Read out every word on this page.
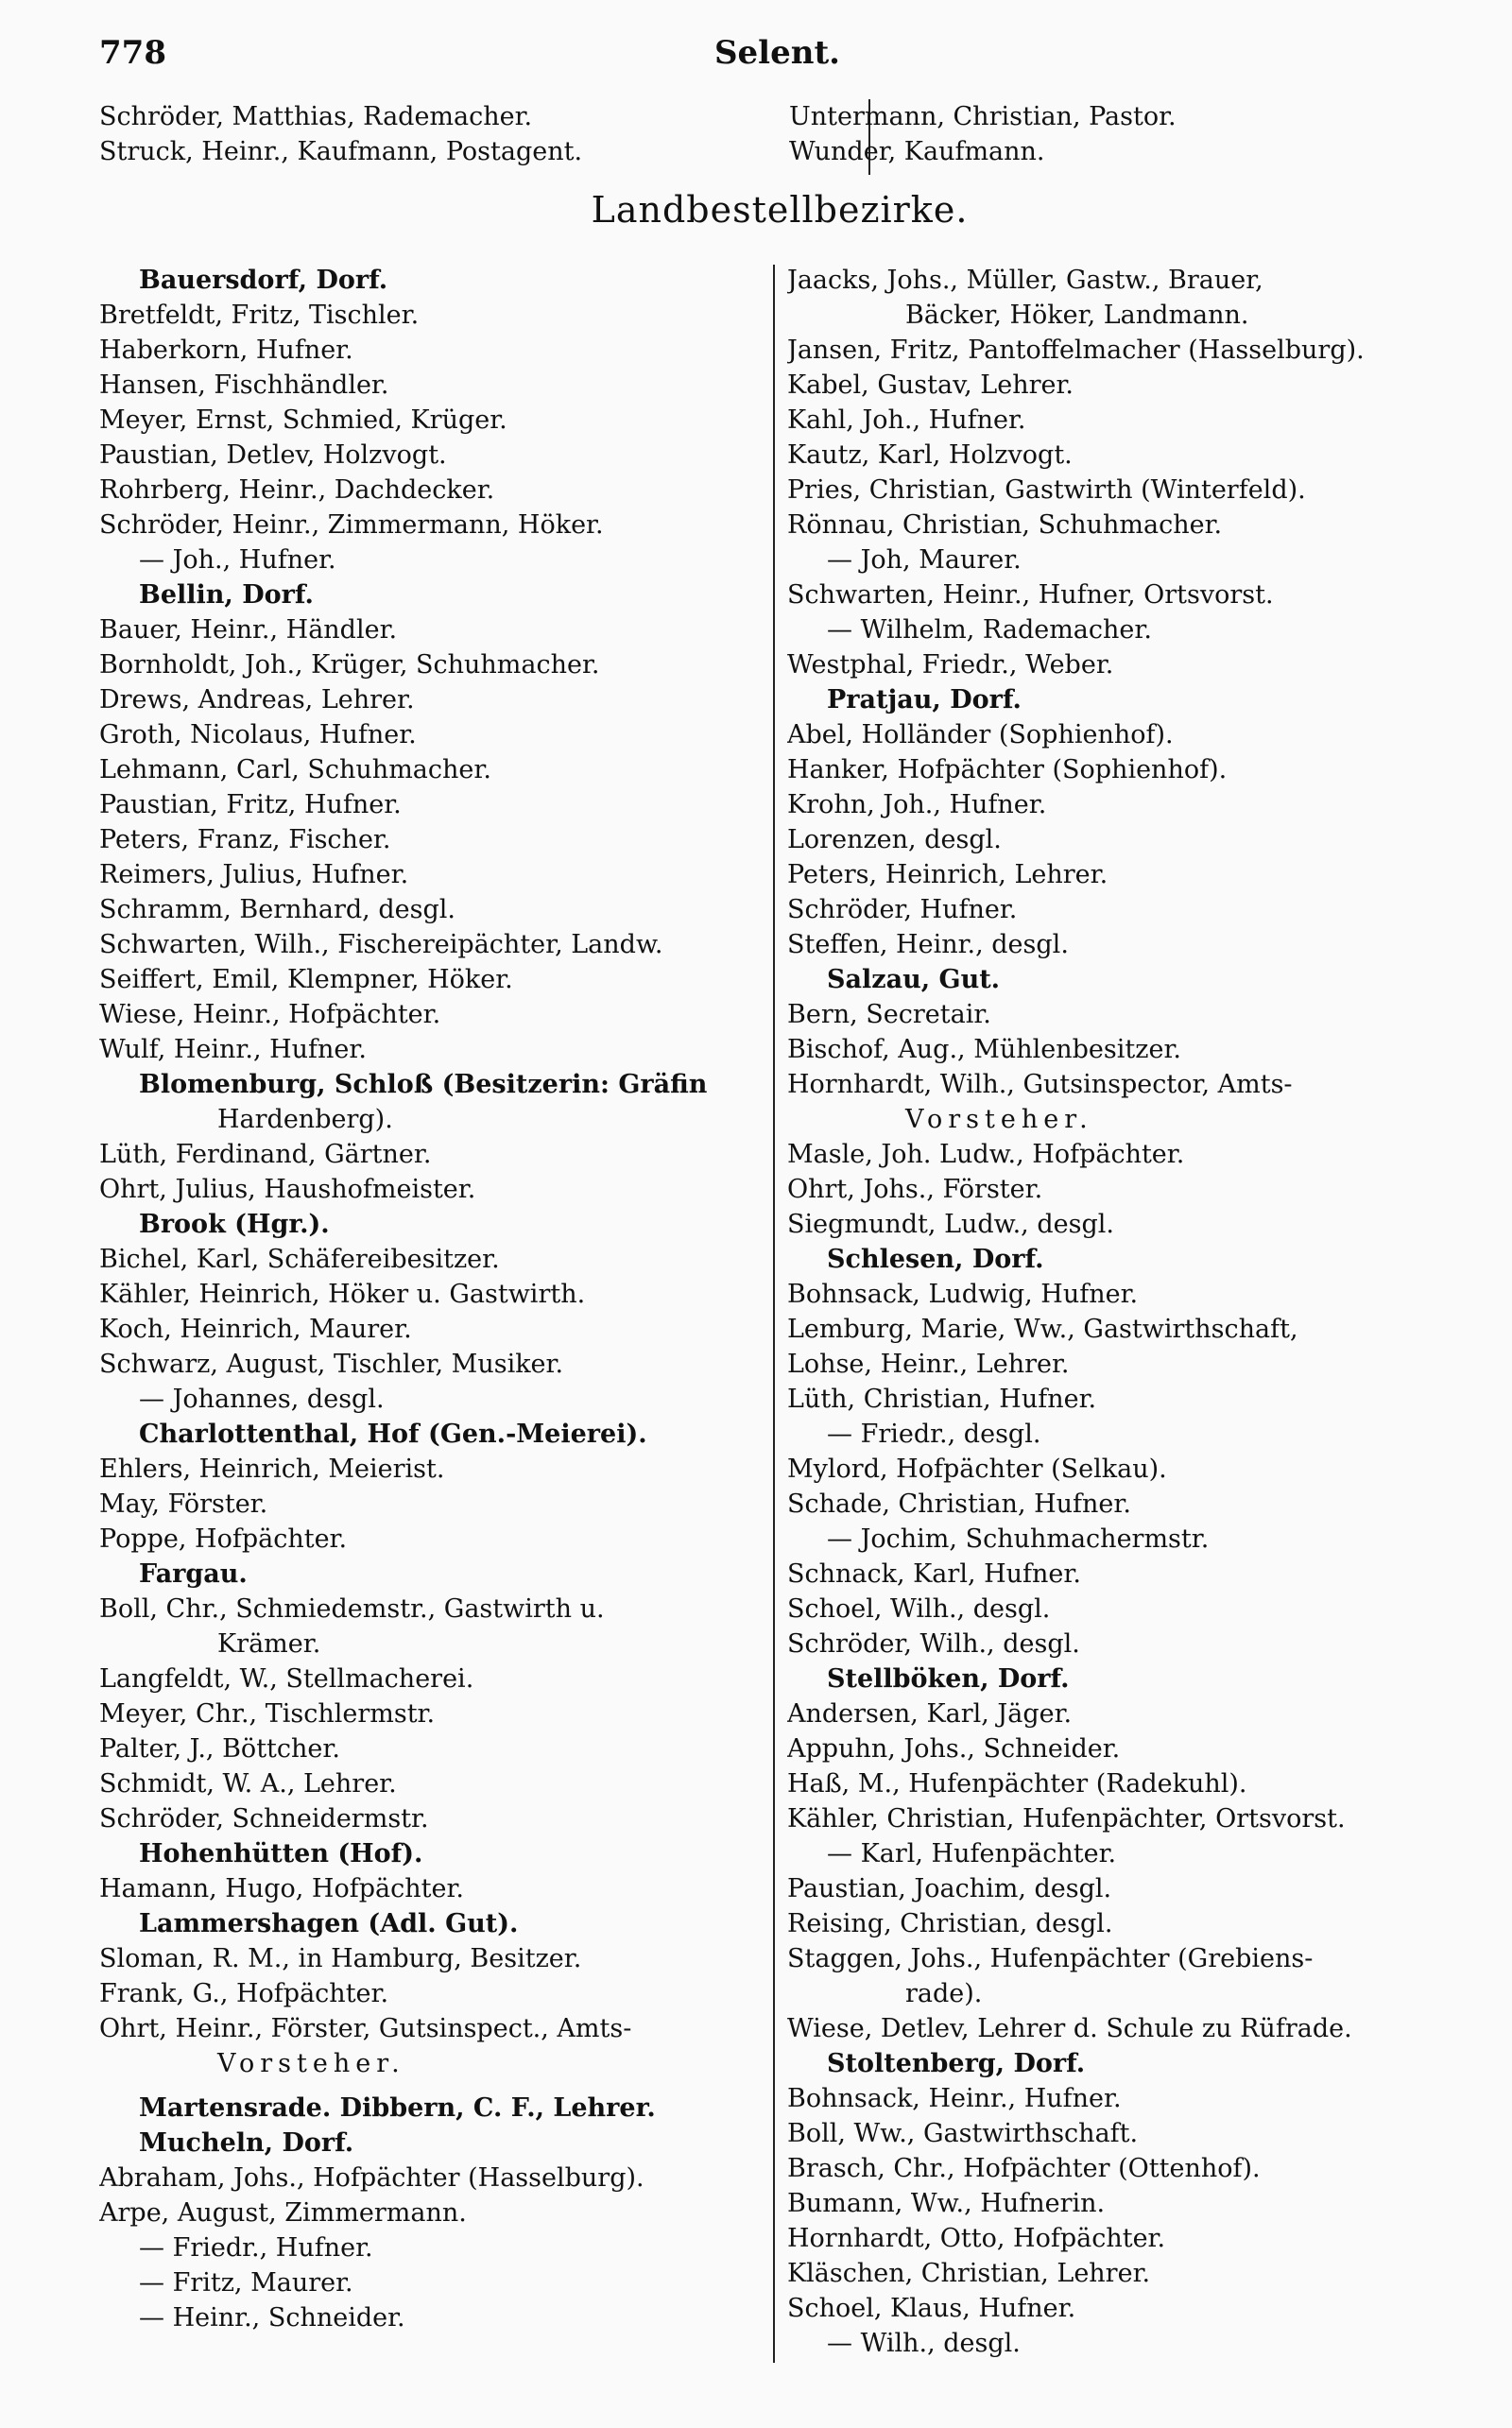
778	Selent.
Schröder, Matthias, Rademacher.
Struck, Heinr., Kaufmann, Postagent.
Untermann, Christian, Pastor.
Wunder, Kaufmann.
Landbestellbezirke.
Bauersdorf, Dorf.
Bretfeldt, Fritz, Tischler.
Haberkorn, Hufner.
Hansen, Fischhändler.
Meyer, Ernst, Schmied, Krüger.
Paustian, Detlev, Holzvogt.
Rohrberg, Heinr., Dachdecker.
Schröder, Heinr., Zimmermann, Höker.
— Joh., Hufner.
Bellin, Dorf.
Bauer, Heinr., Händler.
Bornholdt, Joh., Krüger, Schuhmacher.
Drews, Andreas, Lehrer.
Groth, Nicolaus, Hufner.
Lehmann, Carl, Schuhmacher.
Paustian, Fritz, Hufner.
Peters, Franz, Fischer.
Reimers, Julius, Hufner.
Schramm, Bernhard, desgl.
Schwarten, Wilh., Fischereipächter, Landw.
Seiffert, Emil, Klempner, Höker.
Wiese, Heinr., Hofpächter.
Wulf, Heinr., Hufner.
Blomenburg, Schloß (Besitzerin: Gräfin
Hardenberg).
Lüth, Ferdinand, Gärtner.
Ohrt, Julius, Haushofmeister.
Brook (Hgr.).
Bichel, Karl, Schäfereibesitzer.
Kähler, Heinrich, Höker u. Gastwirth.
Koch, Heinrich, Maurer.
Schwarz, August, Tischler, Musiker.
— Johannes, desgl.
Charlottenthal, Hof (Gen.-Meierei).
Ehlers, Heinrich, Meierist.
May, Förster.
Poppe, Hofpächter.
Fargau.
Boll, Chr., Schmiedemstr., Gastwirth u.
Krämer.
Langfeldt, W., Stellmacherei.
Meyer, Chr., Tischlermstr.
Palter, J., Böttcher.
Schmidt, W. A., Lehrer.
Schröder, Schneidermstr.
Hohenhütten (Hof).
Hamann, Hugo, Hofpächter.
Lammershagen (Adl. Gut).
Sloman, R. M., in Hamburg, Besitzer.
Frank, G., Hofpächter.
Ohrt, Heinr., Förster, Gutsinspect., Amts-
Vorsteher.
Martensrade. Dibbern, C. F., Lehrer.
Mucheln, Dorf.
Abraham, Johs., Hofpächter (Hasselburg).
Arpe, August, Zimmermann.
— Friedr., Hufner.
— Fritz, Maurer.
— Heinr., Schneider.
Jaacks, Johs., Müller, Gastw., Brauer,
Bäcker, Höker, Landmann.
Jansen, Fritz, Pantoffelmacher (Hasselburg).
Kabel, Gustav, Lehrer.
Kahl, Joh., Hufner.
Kautz, Karl, Holzvogt.
Pries, Christian, Gastwirth (Winterfeld).
Rönnau, Christian, Schuhmacher.
— Joh, Maurer.
Schwarten, Heinr., Hufner, Ortsvorst.
— Wilhelm, Rademacher.
Westphal, Friedr., Weber.
Pratjau, Dorf.
Abel, Holländer (Sophienhof).
Hanker, Hofpächter (Sophienhof).
Krohn, Joh., Hufner.
Lorenzen, desgl.
Peters, Heinrich, Lehrer.
Schröder, Hufner.
Steffen, Heinr., desgl.
Salzau, Gut.
Bern, Secretair.
Bischof, Aug., Mühlenbesitzer.
Hornhardt, Wilh., Gutsinspector, Amts-
Vorsteher.
Masle, Joh. Ludw., Hofpächter.
Ohrt, Johs., Förster.
Siegmundt, Ludw., desgl.
Schlesen, Dorf.
Bohnsack, Ludwig, Hufner.
Lemburg, Marie, Ww., Gastwirthschaft,
Lohse, Heinr., Lehrer.
Lüth, Christian, Hufner.
— Friedr., desgl.
Mylord, Hofpächter (Selkau).
Schade, Christian, Hufner.
— Jochim, Schuhmachermstr.
Schnack, Karl, Hufner.
Schoel, Wilh., desgl.
Schröder, Wilh., desgl.
Stellböken, Dorf.
Andersen, Karl, Jäger.
Appuhn, Johs., Schneider.
Haß, M., Hufenpächter (Radekuhl).
Kähler, Christian, Hufenpächter, Ortsvorst.
— Karl, Hufenpächter.
Paustian, Joachim, desgl.
Reising, Christian, desgl.
Staggen, Johs., Hufenpächter (Grebiens-
rade).
Wiese, Detlev, Lehrer d. Schule zu Rüfrade.
Stoltenberg, Dorf.
Bohnsack, Heinr., Hufner.
Boll, Ww., Gastwirthschaft.
Brasch, Chr., Hofpächter (Ottenhof).
Bumann, Ww., Hufnerin.
Hornhardt, Otto, Hofpächter.
Kläschen, Christian, Lehrer.
Schoel, Klaus, Hufner.
— Wilh., desgl.
